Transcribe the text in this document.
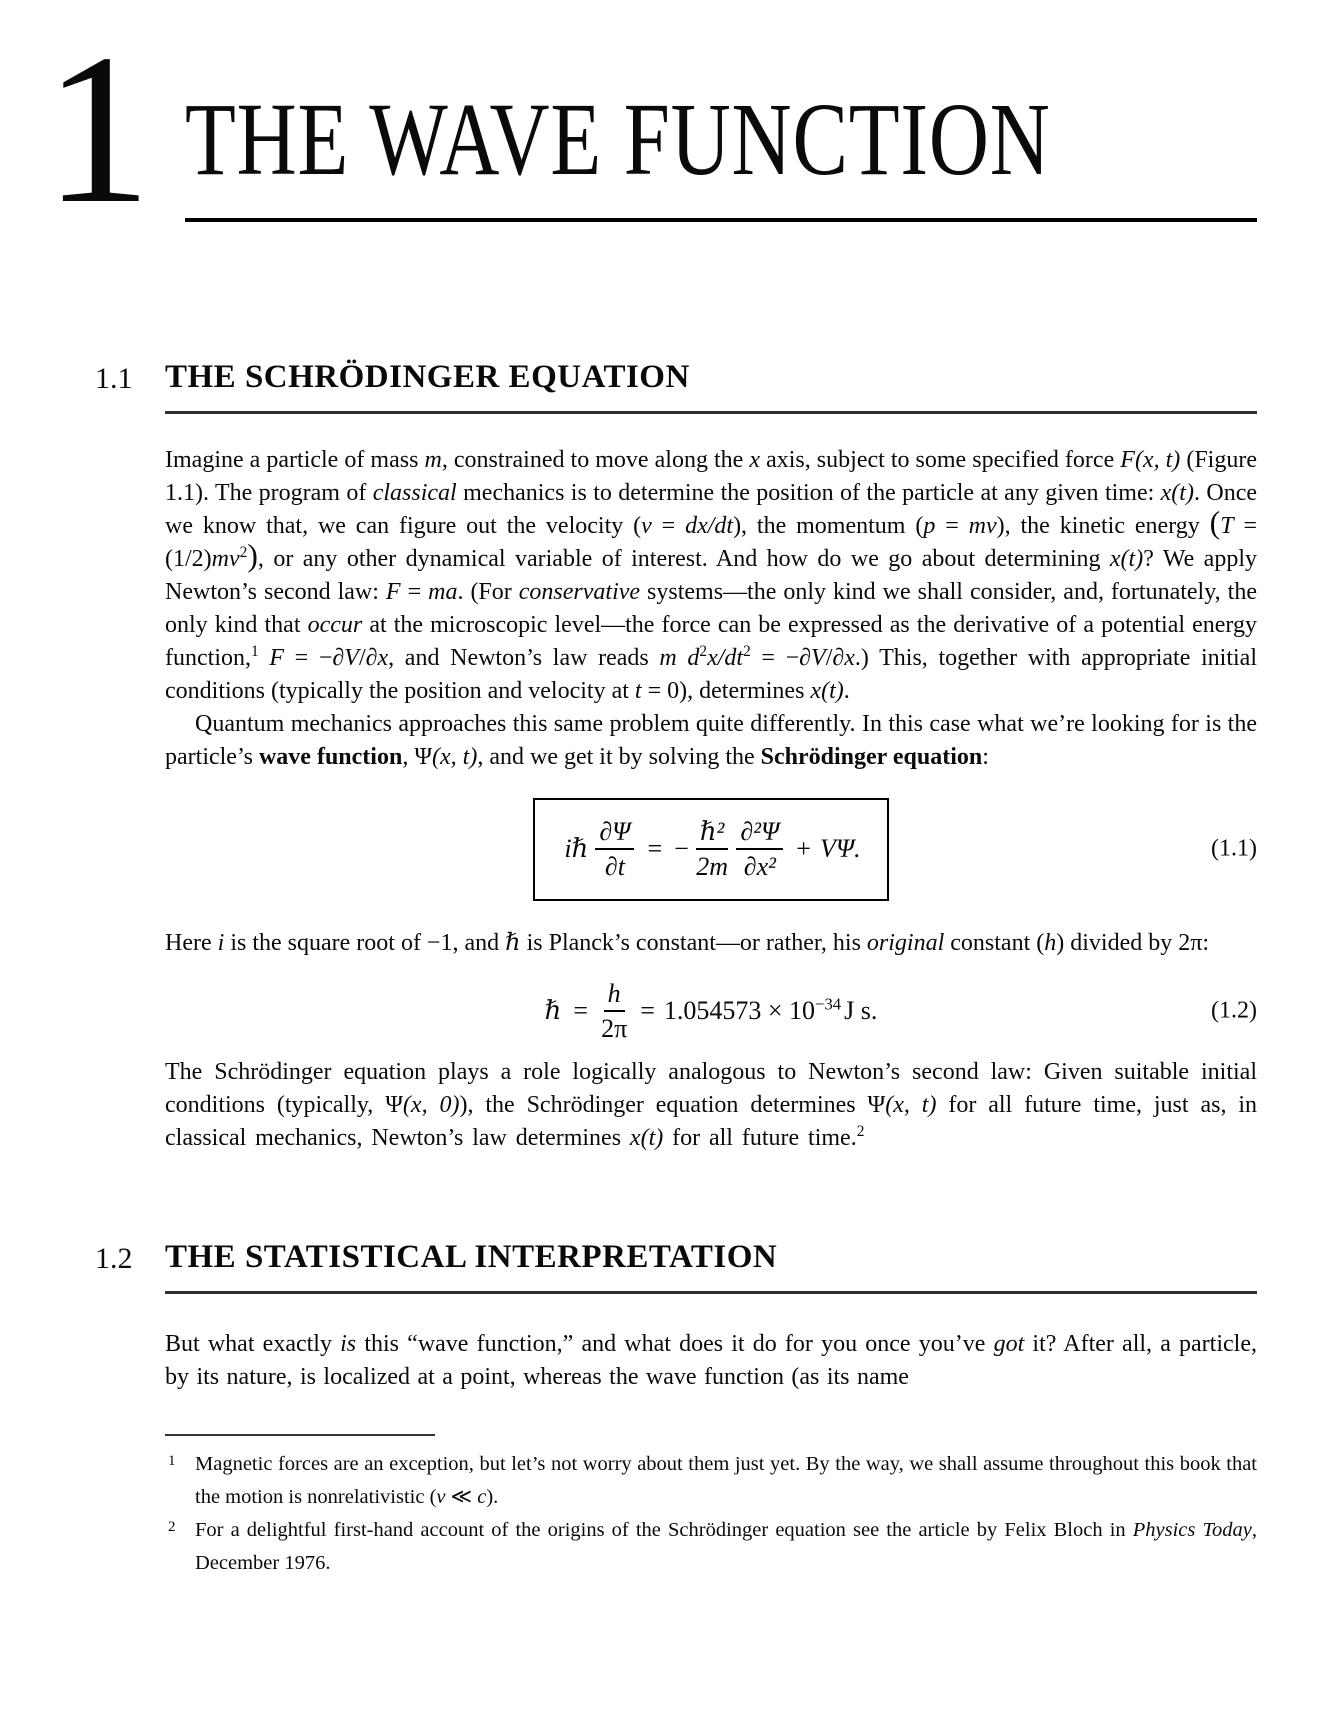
1 THE WAVE FUNCTION
1.1 THE SCHRÖDINGER EQUATION

Imagine a particle of mass m, constrained to move along the x axis, subject to some specified force F(x, t) (Figure 1.1). The program of classical mechanics is to determine the position of the particle at any given time: x(t). Once we know that, we can figure out the velocity (v = dx/dt), the momentum (p = mv), the kinetic energy $(T = (1/2)mv^2)$, or any other dynamical variable of interest. And how do we go about determining x(t)? We apply Newton’s second law: F = ma. (For conservative systems—the only kind we shall consider, and, fortunately, the only kind that occur at the microscopic level—the force can be expressed as the derivative of a potential energy function,$^1$ F = −∂V/∂x, and Newton’s law reads m $d^2x/dt^2 = -\partial V/\partial x$.) This, together with appropriate initial conditions (typically the position and velocity at t = 0), determines x(t).

Quantum mechanics approaches this same problem quite differently. In this case what we’re looking for is the particle’s wave function, Ψ(x, t), and we get it by solving the Schrödinger equation:

iℏ $\frac{\partial\Psi}{\partial t}$ = − $\frac{\text{ℏ²}}{2m} \frac{\text{∂²Ψ}}{\text{∂x²}} + V\Psi$.	(1.1)

Here i is the square root of −1, and ℏ is Planck’s constant—or rather, his original constant (h) divided by 2π:

ℏ = $\frac{h}{2\pi} = 1.054573 \times 10^{-34}$ J s.	(1.2)

The Schrödinger equation plays a role logically analogous to Newton’s second law: Given suitable initial conditions (typically, Ψ(x, 0)), the Schrödinger equation determines Ψ(x, t) for all future time, just as, in classical mechanics, Newton’s law determines x(t) for all future time.$^2$

1.2 THE STATISTICAL INTERPRETATION

But what exactly is this “wave function,” and what does it do for you once you’ve got it? After all, a particle, by its nature, is localized at a point, whereas the wave function (as its name

1 Magnetic forces are an exception, but let’s not worry about them just yet. By the way, we shall assume throughout this book that the motion is nonrelativistic (v ≪ c).
2 For a delightful first-hand account of the origins of the Schrödinger equation see the article by Felix Bloch in Physics Today, December 1976.
